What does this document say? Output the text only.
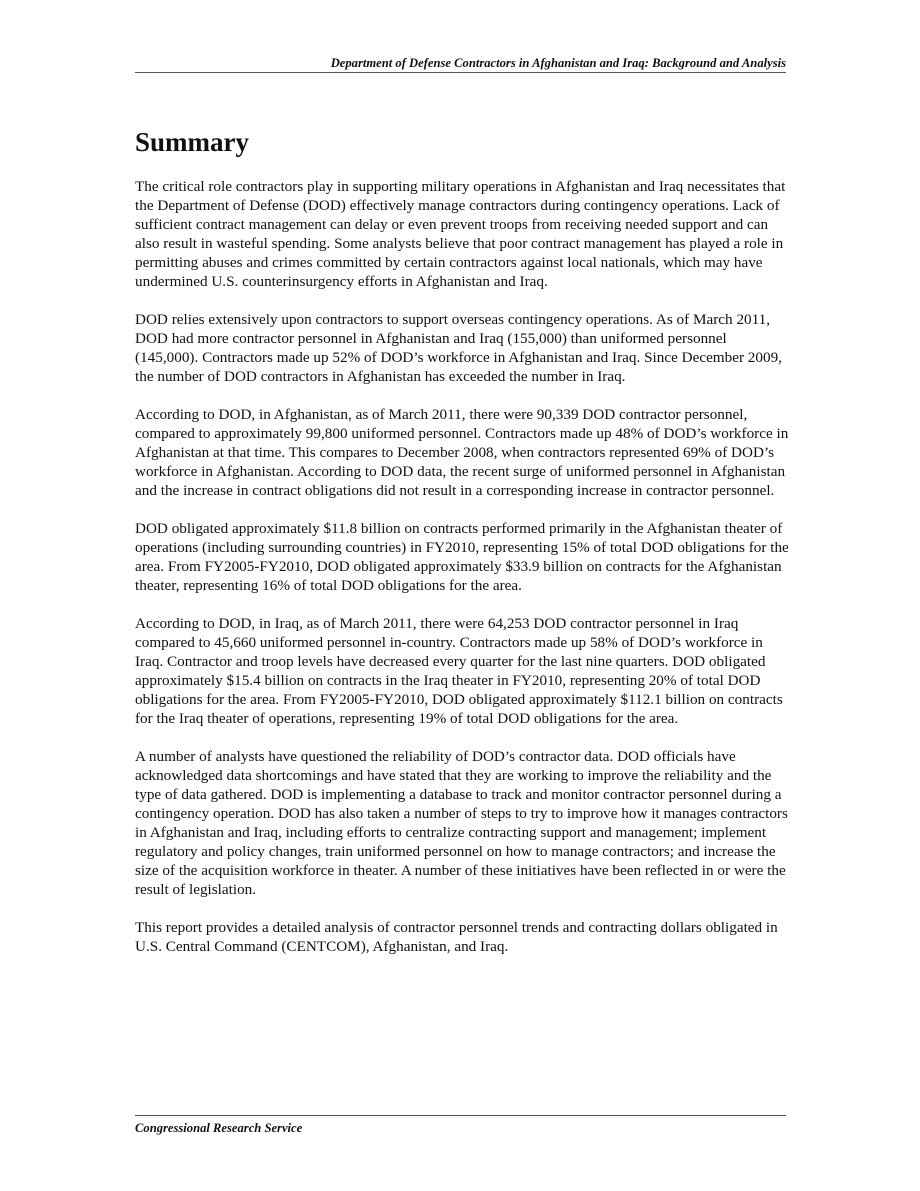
Department of Defense Contractors in Afghanistan and Iraq: Background and Analysis
Summary

The critical role contractors play in supporting military operations in Afghanistan and Iraq necessitates that the Department of Defense (DOD) effectively manage contractors during contingency operations. Lack of sufficient contract management can delay or even prevent troops from receiving needed support and can also result in wasteful spending. Some analysts believe that poor contract management has played a role in permitting abuses and crimes committed by certain contractors against local nationals, which may have undermined U.S. counterinsurgency efforts in Afghanistan and Iraq.

DOD relies extensively upon contractors to support overseas contingency operations. As of March 2011, DOD had more contractor personnel in Afghanistan and Iraq (155,000) than uniformed personnel (145,000). Contractors made up 52% of DOD’s workforce in Afghanistan and Iraq. Since December 2009, the number of DOD contractors in Afghanistan has exceeded the number in Iraq.

According to DOD, in Afghanistan, as of March 2011, there were 90,339 DOD contractor personnel, compared to approximately 99,800 uniformed personnel. Contractors made up 48% of DOD’s workforce in Afghanistan at that time. This compares to December 2008, when contractors represented 69% of DOD’s workforce in Afghanistan. According to DOD data, the recent surge of uniformed personnel in Afghanistan and the increase in contract obligations did not result in a corresponding increase in contractor personnel.

DOD obligated approximately $11.8 billion on contracts performed primarily in the Afghanistan theater of operations (including surrounding countries) in FY2010, representing 15% of total DOD obligations for the area. From FY2005-FY2010, DOD obligated approximately $33.9 billion on contracts for the Afghanistan theater, representing 16% of total DOD obligations for the area.

According to DOD, in Iraq, as of March 2011, there were 64,253 DOD contractor personnel in Iraq compared to 45,660 uniformed personnel in-country. Contractors made up 58% of DOD’s workforce in Iraq. Contractor and troop levels have decreased every quarter for the last nine quarters. DOD obligated approximately $15.4 billion on contracts in the Iraq theater in FY2010, representing 20% of total DOD obligations for the area. From FY2005-FY2010, DOD obligated approximately $112.1 billion on contracts for the Iraq theater of operations, representing 19% of total DOD obligations for the area.

A number of analysts have questioned the reliability of DOD’s contractor data. DOD officials have acknowledged data shortcomings and have stated that they are working to improve the reliability and the type of data gathered. DOD is implementing a database to track and monitor contractor personnel during a contingency operation. DOD has also taken a number of steps to try to improve how it manages contractors in Afghanistan and Iraq, including efforts to centralize contracting support and management; implement regulatory and policy changes, train uniformed personnel on how to manage contractors; and increase the size of the acquisition workforce in theater. A number of these initiatives have been reflected in or were the result of legislation.

This report provides a detailed analysis of contractor personnel trends and contracting dollars obligated in U.S. Central Command (CENTCOM), Afghanistan, and Iraq.

Congressional Research Service
